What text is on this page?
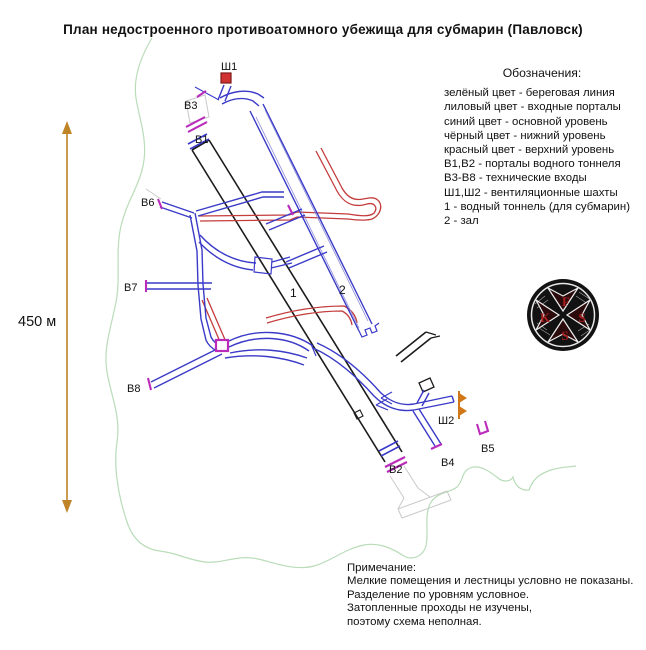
План недостроенного противоатомного убежища для субмарин (Павловск)
F
K S
S
Ш1
В3
В1
В6
В7
В8
В2
В4
В5
Ш2
1	2
Обозначения:
зелёный цвет - береговая линия
лиловый цвет - входные порталы
синий цвет - основной уровень
чёрный цвет - нижний уровень
красный цвет - верхний уровень
В1,В2 - порталы водного тоннеля
В3-В8 - технические входы
Ш1,Ш2 - вентиляционные шахты
1 - водный тоннель (для субмарин)
2 - зал
Примечание:
Мелкие помещения и лестницы условно не показаны.
Разделение по уровням условное.
Затопленные проходы не изучены,
поэтому схема неполная.
450 м
